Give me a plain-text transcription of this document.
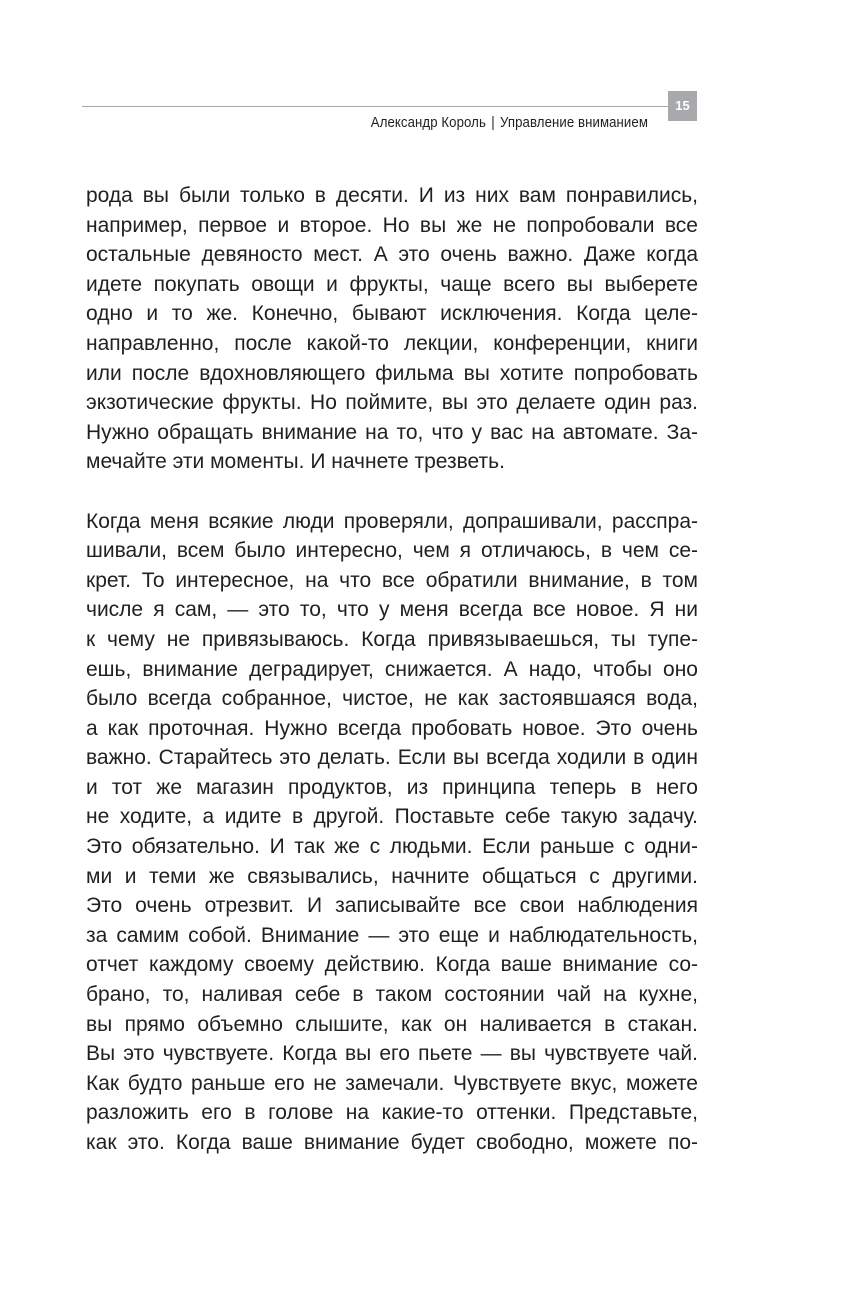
15
Александр Король | Управление вниманием

рода вы были только в десяти. И из них вам понравились,
например, первое и второе. Но вы же не попробовали все
остальные девяносто мест. А это очень важно. Даже когда
идете покупать овощи и фрукты, чаще всего вы выберете
одно и то же. Конечно, бывают исключения. Когда целе-
направленно, после какой-то лекции, конференции, книги
или после вдохновляющего фильма вы хотите попробовать
экзотические фрукты. Но поймите, вы это делаете один раз.
Нужно обращать внимание на то, что у вас на автомате. За-
мечайте эти моменты. И начнете трезветь.

Когда меня всякие люди проверяли, допрашивали, расспра-
шивали, всем было интересно, чем я отличаюсь, в чем се-
крет. То интересное, на что все обратили внимание, в том
числе я сам, — это то, что у меня всегда все новое. Я ни
к чему не привязываюсь. Когда привязываешься, ты тупе-
ешь, внимание деградирует, снижается. А надо, чтобы оно
было всегда собранное, чистое, не как застоявшаяся вода,
а как проточная. Нужно всегда пробовать новое. Это очень
важно. Старайтесь это делать. Если вы всегда ходили в один
и тот же магазин продуктов, из принципа теперь в него
не ходите, а идите в другой. Поставьте себе такую задачу.
Это обязательно. И так же с людьми. Если раньше с одни-
ми и теми же связывались, начните общаться с другими.
Это очень отрезвит. И записывайте все свои наблюдения
за самим собой. Внимание — это еще и наблюдательность,
отчет каждому своему действию. Когда ваше внимание со-
брано, то, наливая себе в таком состоянии чай на кухне,
вы прямо объемно слышите, как он наливается в стакан.
Вы это чувствуете. Когда вы его пьете — вы чувствуете чай.
Как будто раньше его не замечали. Чувствуете вкус, можете
разложить его в голове на какие-то оттенки. Представьте,
как это. Когда ваше внимание будет свободно, можете по-
